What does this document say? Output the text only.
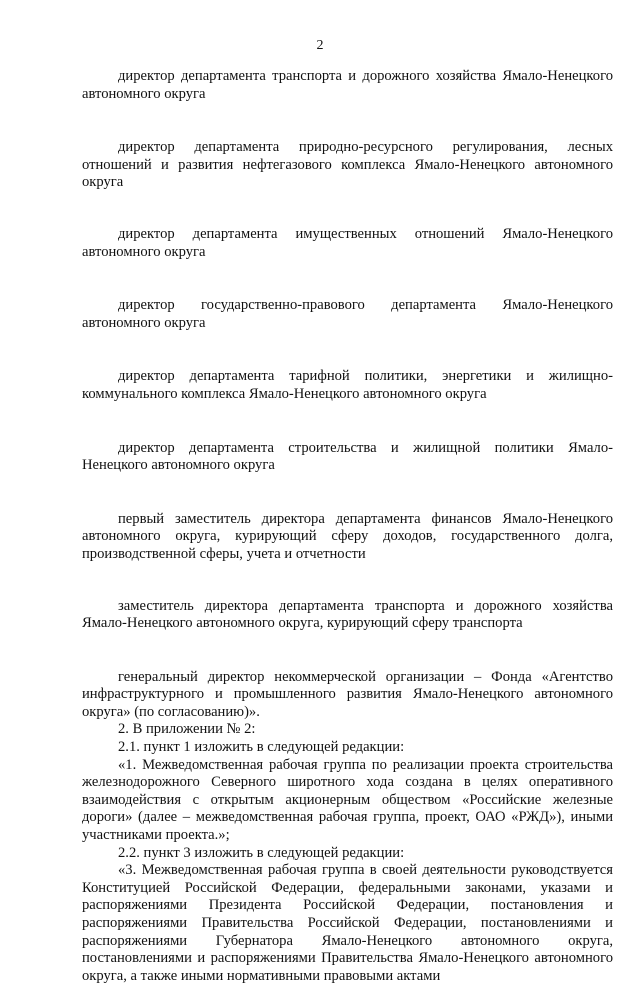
2

директор департамента транспорта и дорожного хозяйства Ямало-Ненецкого автономного округа

директор департамента природно-ресурсного регулирования, лесных отношений и развития нефтегазового комплекса Ямало-Ненецкого автономного округа

директор департамента имущественных отношений Ямало-Ненецкого автономного округа

директор государственно-правового департамента Ямало-Ненецкого автономного округа

директор департамента тарифной политики, энергетики и жилищно-коммунального комплекса Ямало-Ненецкого автономного округа

директор департамента строительства и жилищной политики Ямало-Ненецкого автономного округа

первый заместитель директора департамента финансов Ямало-Ненецкого автономного округа, курирующий сферу доходов, государственного долга, производственной сферы, учета и отчетности

заместитель директора департамента транспорта и дорожного хозяйства Ямало-Ненецкого автономного округа, курирующий сферу транспорта

генеральный директор некоммерческой организации – Фонда «Агентство инфраструктурного и промышленного развития Ямало-Ненецкого автономного округа» (по согласованию)».

2. В приложении № 2:

2.1. пункт 1 изложить в следующей редакции:

«1. Межведомственная рабочая группа по реализации проекта строительства железнодорожного Северного широтного хода создана в целях оперативного взаимодействия с открытым акционерным обществом «Российские железные дороги» (далее – межведомственная рабочая группа, проект, ОАО «РЖД»), иными участниками проекта.»;

2.2. пункт 3 изложить в следующей редакции:

«3. Межведомственная рабочая группа в своей деятельности руководствуется Конституцией Российской Федерации, федеральными законами, указами и распоряжениями Президента Российской Федерации, постановления и распоряжениями Правительства Российской Федерации, постановлениями и распоряжениями Губернатора Ямало-Ненецкого автономного округа, постановлениями и распоряжениями Правительства Ямало-Ненецкого автономного округа, а также иными нормативными правовыми актами
